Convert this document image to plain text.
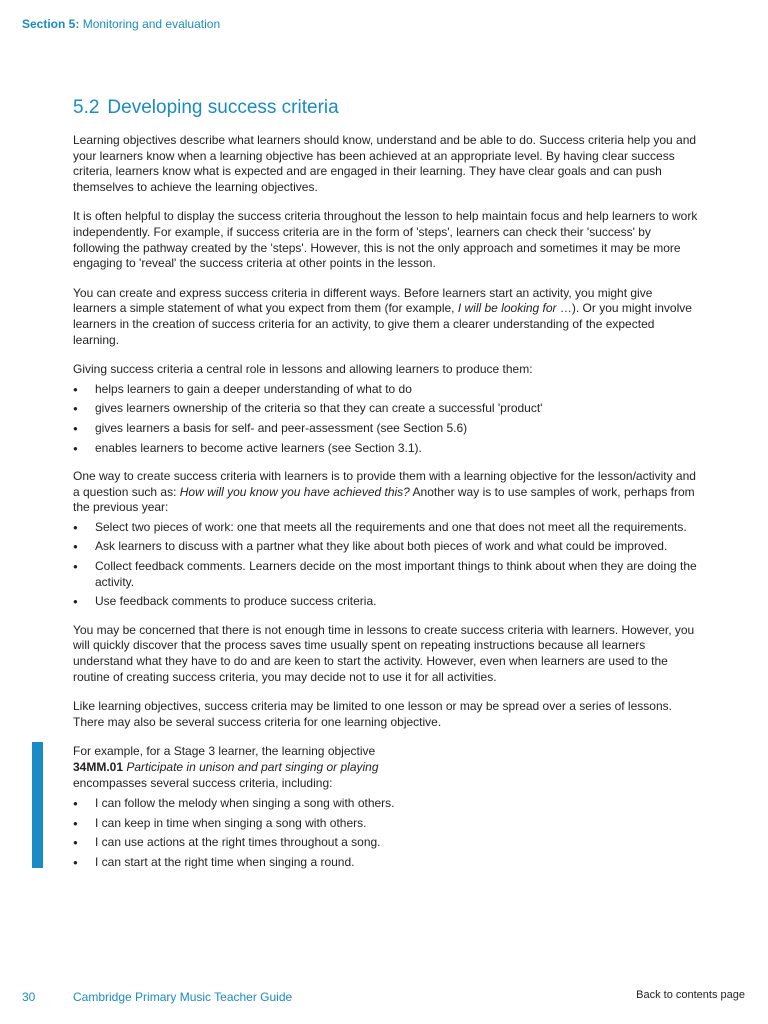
Section 5: Monitoring and evaluation
5.2 Developing success criteria

Learning objectives describe what learners should know, understand and be able to do. Success criteria help you and your learners know when a learning objective has been achieved at an appropriate level. By having clear success criteria, learners know what is expected and are engaged in their learning. They have clear goals and can push themselves to achieve the learning objectives.

It is often helpful to display the success criteria throughout the lesson to help maintain focus and help learners to work independently. For example, if success criteria are in the form of 'steps', learners can check their 'success' by following the pathway created by the 'steps'. However, this is not the only approach and sometimes it may be more engaging to 'reveal' the success criteria at other points in the lesson.

You can create and express success criteria in different ways. Before learners start an activity, you might give learners a simple statement of what you expect from them (for example, I will be looking for …). Or you might involve learners in the creation of success criteria for an activity, to give them a clearer understanding of the expected learning.

Giving success criteria a central role in lessons and allowing learners to produce them:

● helps learners to gain a deeper understanding of what to do
● gives learners ownership of the criteria so that they can create a successful 'product'
● gives learners a basis for self- and peer-assessment (see Section 5.6)
● enables learners to become active learners (see Section 3.1).

One way to create success criteria with learners is to provide them with a learning objective for the lesson/activity and a question such as: How will you know you have achieved this? Another way is to use samples of work, perhaps from the previous year:

● Select two pieces of work: one that meets all the requirements and one that does not meet all the requirements.
● Ask learners to discuss with a partner what they like about both pieces of work and what could be improved.
● Collect feedback comments. Learners decide on the most important things to think about when they are doing the activity.
● Use feedback comments to produce success criteria.

You may be concerned that there is not enough time in lessons to create success criteria with learners. However, you will quickly discover that the process saves time usually spent on repeating instructions because all learners understand what they have to do and are keen to start the activity. However, even when learners are used to the routine of creating success criteria, you may decide not to use it for all activities.

Like learning objectives, success criteria may be limited to one lesson or may be spread over a series of lessons. There may also be several success criteria for one learning objective.

For example, for a Stage 3 learner, the learning objective
34MM.01 Participate in unison and part singing or playing
encompasses several success criteria, including:

● I can follow the melody when singing a song with others.
● I can keep in time when singing a song with others.
● I can use actions at the right times throughout a song.
● I can start at the right time when singing a round.
30	Cambridge Primary Music Teacher Guide	Back to contents page
